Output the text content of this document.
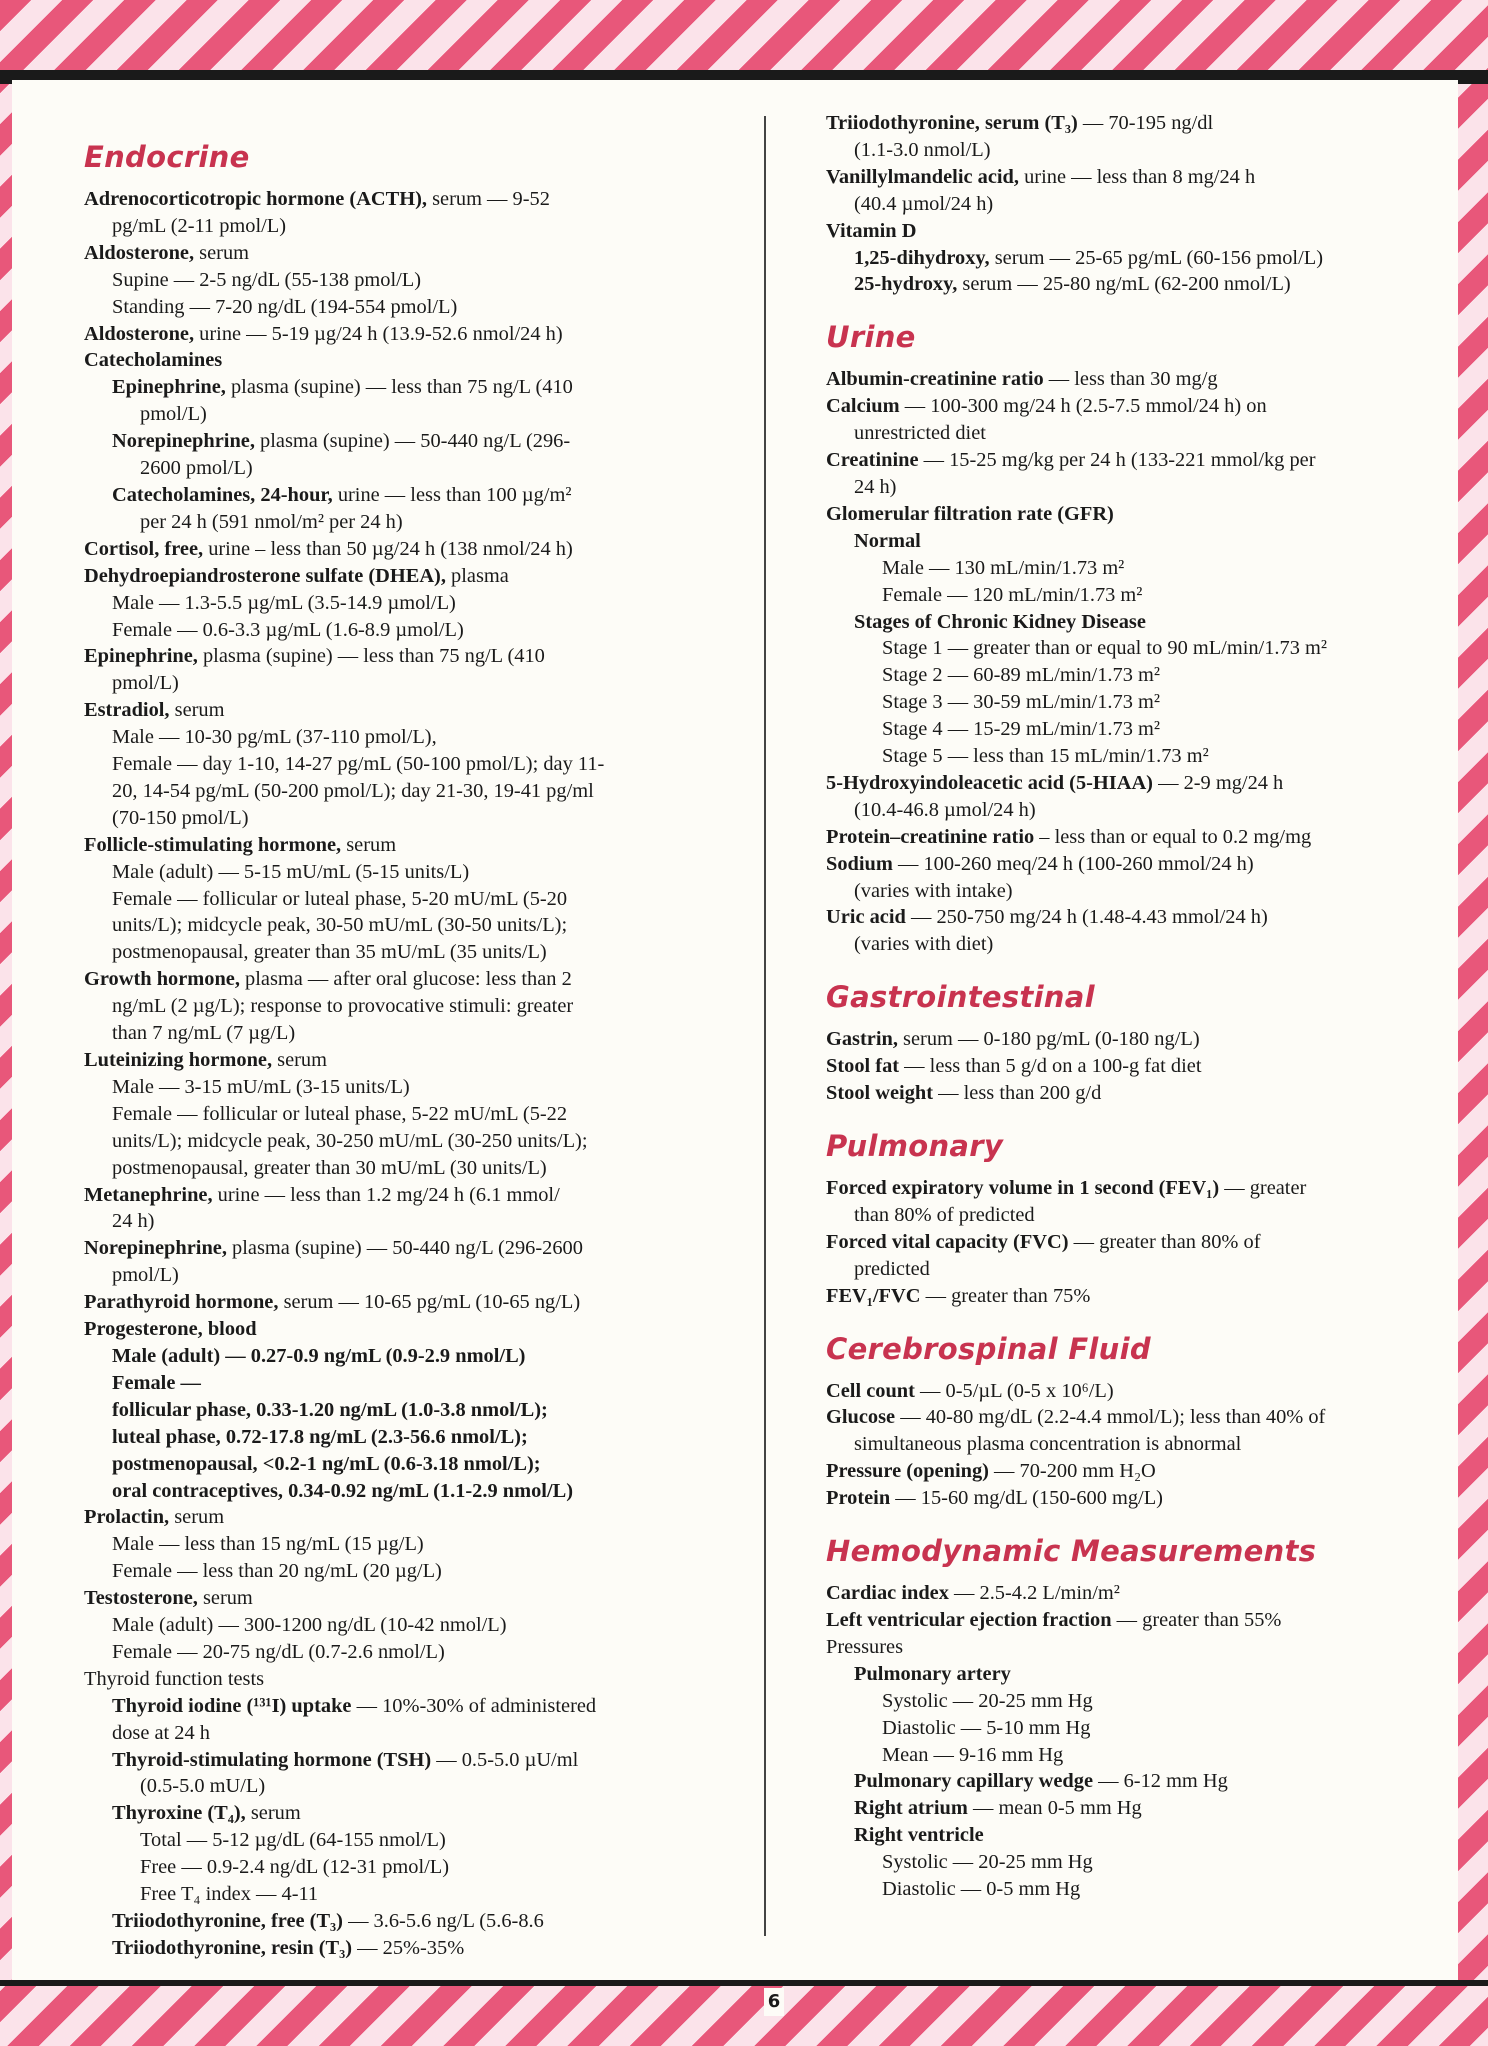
Endocrine
Adrenocorticotropic hormone (ACTH), serum — 9-52
pg/mL (2-11 pmol/L)
Aldosterone, serum
Supine — 2-5 ng/dL (55-138 pmol/L)
Standing — 7-20 ng/dL (194-554 pmol/L)
Aldosterone, urine — 5-19 µg/24 h (13.9-52.6 nmol/24 h)
Catecholamines
Epinephrine, plasma (supine) — less than 75 ng/L (410
pmol/L)
Norepinephrine, plasma (supine) — 50-440 ng/L (296-
2600 pmol/L)
Catecholamines, 24-hour, urine — less than 100 µg/m²
per 24 h (591 nmol/m² per 24 h)
Cortisol, free, urine – less than 50 µg/24 h (138 nmol/24 h)
Dehydroepiandrosterone sulfate (DHEA), plasma
Male — 1.3-5.5 µg/mL (3.5-14.9 µmol/L)
Female — 0.6-3.3 µg/mL (1.6-8.9 µmol/L)
Epinephrine, plasma (supine) — less than 75 ng/L (410
pmol/L)
Estradiol, serum
Male — 10-30 pg/mL (37-110 pmol/L),
Female — day 1-10, 14-27 pg/mL (50-100 pmol/L); day 11-
20, 14-54 pg/mL (50-200 pmol/L); day 21-30, 19-41 pg/ml
(70-150 pmol/L)
Follicle-stimulating hormone, serum
Male (adult) — 5-15 mU/mL (5-15 units/L)
Female — follicular or luteal phase, 5-20 mU/mL (5-20
units/L); midcycle peak, 30-50 mU/mL (30-50 units/L);
postmenopausal, greater than 35 mU/mL (35 units/L)
Growth hormone, plasma — after oral glucose: less than 2
ng/mL (2 µg/L); response to provocative stimuli: greater
than 7 ng/mL (7 µg/L)
Luteinizing hormone, serum
Male — 3-15 mU/mL (3-15 units/L)
Female — follicular or luteal phase, 5-22 mU/mL (5-22
units/L); midcycle peak, 30-250 mU/mL (30-250 units/L);
postmenopausal, greater than 30 mU/mL (30 units/L)
Metanephrine, urine — less than 1.2 mg/24 h (6.1 mmol/
24 h)
Norepinephrine, plasma (supine) — 50-440 ng/L (296-2600
pmol/L)
Parathyroid hormone, serum — 10-65 pg/mL (10-65 ng/L)
Progesterone, blood
Male (adult) — 0.27-0.9 ng/mL (0.9-2.9 nmol/L)
Female —
follicular phase, 0.33-1.20 ng/mL (1.0-3.8 nmol/L);
luteal phase, 0.72-17.8 ng/mL (2.3-56.6 nmol/L);
postmenopausal, <0.2-1 ng/mL (0.6-3.18 nmol/L);
oral contraceptives, 0.34-0.92 ng/mL (1.1-2.9 nmol/L)
Prolactin, serum
Male — less than 15 ng/mL (15 µg/L)
Female — less than 20 ng/mL (20 µg/L)
Testosterone, serum
Male (adult) — 300-1200 ng/dL (10-42 nmol/L)
Female — 20-75 ng/dL (0.7-2.6 nmol/L)
Thyroid function tests
Thyroid iodine (¹³¹I) uptake — 10%-30% of administered
dose at 24 h
Thyroid-stimulating hormone (TSH) — 0.5-5.0 µU/ml
(0.5-5.0 mU/L)
Thyroxine (T₄), serum
Total — 5-12 µg/dL (64-155 nmol/L)
Free — 0.9-2.4 ng/dL (12-31 pmol/L)
Free T₄ index — 4-11
Triiodothyronine, free (T₃) — 3.6-5.6 ng/L (5.6-8.6
Triiodothyronine, resin (T₃) — 25%-35%
Triiodothyronine, serum (T₃) — 70-195 ng/dl
(1.1-3.0 nmol/L)
Vanillylmandelic acid, urine — less than 8 mg/24 h
(40.4 µmol/24 h)
Vitamin D
1,25-dihydroxy, serum — 25-65 pg/mL (60-156 pmol/L)
25-hydroxy, serum — 25-80 ng/mL (62-200 nmol/L)
Urine
Albumin-creatinine ratio — less than 30 mg/g
Calcium — 100-300 mg/24 h (2.5-7.5 mmol/24 h) on
unrestricted diet
Creatinine — 15-25 mg/kg per 24 h (133-221 mmol/kg per
24 h)
Glomerular filtration rate (GFR)
Normal
Male — 130 mL/min/1.73 m²
Female — 120 mL/min/1.73 m²
Stages of Chronic Kidney Disease
Stage 1 — greater than or equal to 90 mL/min/1.73 m²
Stage 2 — 60-89 mL/min/1.73 m²
Stage 3 — 30-59 mL/min/1.73 m²
Stage 4 — 15-29 mL/min/1.73 m²
Stage 5 — less than 15 mL/min/1.73 m²
5-Hydroxyindoleacetic acid (5-HIAA) — 2-9 mg/24 h
(10.4-46.8 µmol/24 h)
Protein–creatinine ratio – less than or equal to 0.2 mg/mg
Sodium — 100-260 meq/24 h (100-260 mmol/24 h)
(varies with intake)
Uric acid — 250-750 mg/24 h (1.48-4.43 mmol/24 h)
(varies with diet)
Gastrointestinal
Gastrin, serum — 0-180 pg/mL (0-180 ng/L)
Stool fat — less than 5 g/d on a 100-g fat diet
Stool weight — less than 200 g/d
Pulmonary
Forced expiratory volume in 1 second (FEV₁) — greater
than 80% of predicted
Forced vital capacity (FVC) — greater than 80% of
predicted
FEV₁/FVC — greater than 75%
Cerebrospinal Fluid
Cell count — 0-5/µL (0-5 x 10⁶/L)
Glucose — 40-80 mg/dL (2.2-4.4 mmol/L); less than 40% of
simultaneous plasma concentration is abnormal
Pressure (opening) — 70-200 mm H₂O
Protein — 15-60 mg/dL (150-600 mg/L)
Hemodynamic Measurements
Cardiac index — 2.5-4.2 L/min/m²
Left ventricular ejection fraction — greater than 55%
Pressures
Pulmonary artery
Systolic — 20-25 mm Hg
Diastolic — 5-10 mm Hg
Mean — 9-16 mm Hg
Pulmonary capillary wedge — 6-12 mm Hg
Right atrium — mean 0-5 mm Hg
Right ventricle
Systolic — 20-25 mm Hg
Diastolic — 0-5 mm Hg
6
